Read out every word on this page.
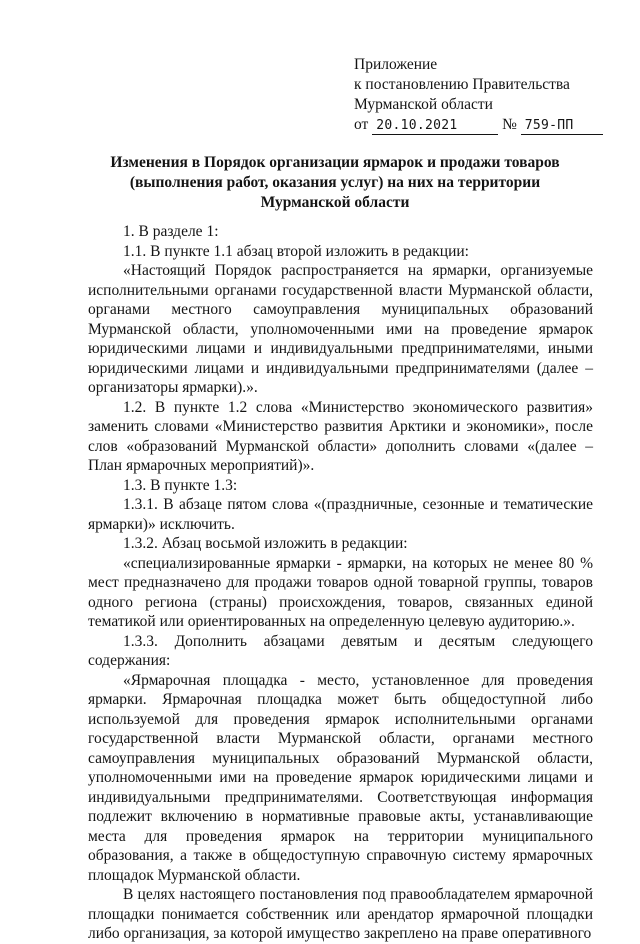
Приложение
к постановлению Правительства
Мурманской области
от 20.10.2021	№ 759-ПП
Изменения в Порядок организации ярмарок и продажи товаров (выполнения работ, оказания услуг) на них на территории Мурманской области

1. В разделе 1:

1.1. В пункте 1.1 абзац второй изложить в редакции:

«Настоящий Порядок распространяется на ярмарки, организуемые исполнительными органами государственной власти Мурманской области, органами местного самоуправления муниципальных образований Мурманской области, уполномоченными ими на проведение ярмарок юридическими лицами и индивидуальными предпринимателями, иными юридическими лицами и индивидуальными предпринимателями (далее – организаторы ярмарки).».

1.2. В пункте 1.2 слова «Министерство экономического развития» заменить словами «Министерство развития Арктики и экономики», после слов «образований Мурманской области» дополнить словами «(далее – План ярмарочных мероприятий)».

1.3. В пункте 1.3:

1.3.1. В абзаце пятом слова «(праздничные, сезонные и тематические ярмарки)» исключить.

1.3.2. Абзац восьмой изложить в редакции:

«специализированные ярмарки - ярмарки, на которых не менее 80 % мест предназначено для продажи товаров одной товарной группы, товаров одного региона (страны) происхождения, товаров, связанных единой тематикой или ориентированных на определенную целевую аудиторию.».

1.3.3. Дополнить абзацами девятым и десятым следующего содержания:

«Ярмарочная площадка - место, установленное для проведения ярмарки. Ярмарочная площадка может быть общедоступной либо используемой для проведения ярмарок исполнительными органами государственной власти Мурманской области, органами местного самоуправления муниципальных образований Мурманской области, уполномоченными ими на проведение ярмарок юридическими лицами и индивидуальными предпринимателями. Соответствующая информация подлежит включению в нормативные правовые акты, устанавливающие места для проведения ярмарок на территории муниципального образования, а также в общедоступную справочную систему ярмарочных площадок Мурманской области.

В целях настоящего постановления под правообладателем ярмарочной площадки понимается собственник или арендатор ярмарочной площадки либо организация, за которой имущество закреплено на праве оперативного
